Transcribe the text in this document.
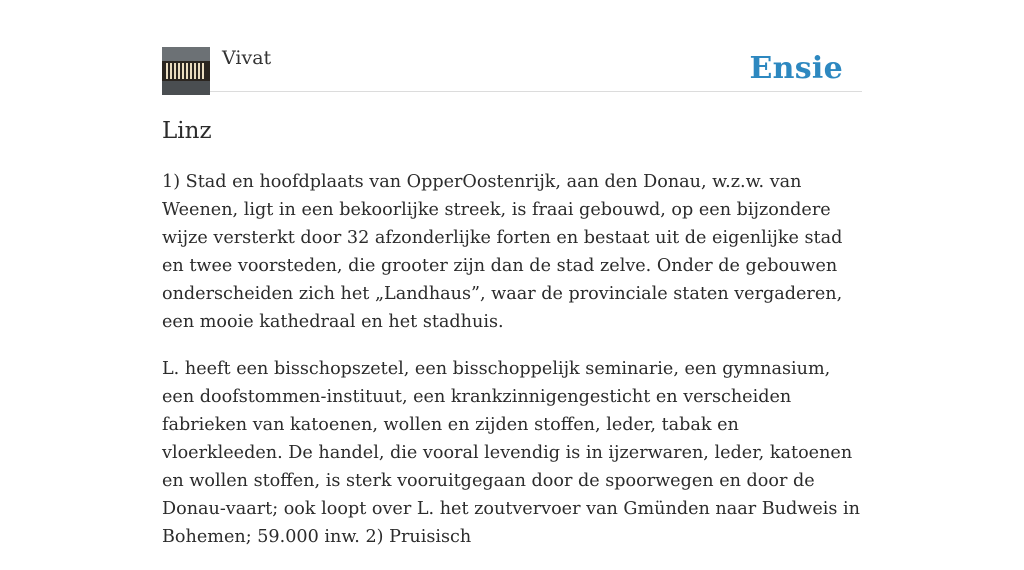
Vivat	Ensie
Linz

1) Stad en hoofdplaats van OpperOostenrijk, aan den Donau, w.z.w. van Weenen, ligt in een bekoorlijke streek, is fraai gebouwd, op een bijzondere wijze versterkt door 32 afzonderlijke forten en bestaat uit de eigenlijke stad en twee voorsteden, die grooter zijn dan de stad zelve. Onder de gebouwen onderscheiden zich het „Landhaus”, waar de provinciale staten vergaderen, een mooie kathedraal en het stadhuis.

L. heeft een bisschopszetel, een bisschoppelijk seminarie, een gymnasium, een doofstommen-instituut, een krankzinnigengesticht en verscheiden fabrieken van katoenen, wollen en zijden stoffen, leder, tabak en vloerkleeden. De handel, die vooral levendig is in ijzerwaren, leder, katoenen en wollen stoffen, is sterk vooruitgegaan door de spoorwegen en door de Donau-vaart; ook loopt over L. het zoutvervoer van Gmünden naar Budweis in Bohemen; 59.000 inw. 2) Pruisisch
